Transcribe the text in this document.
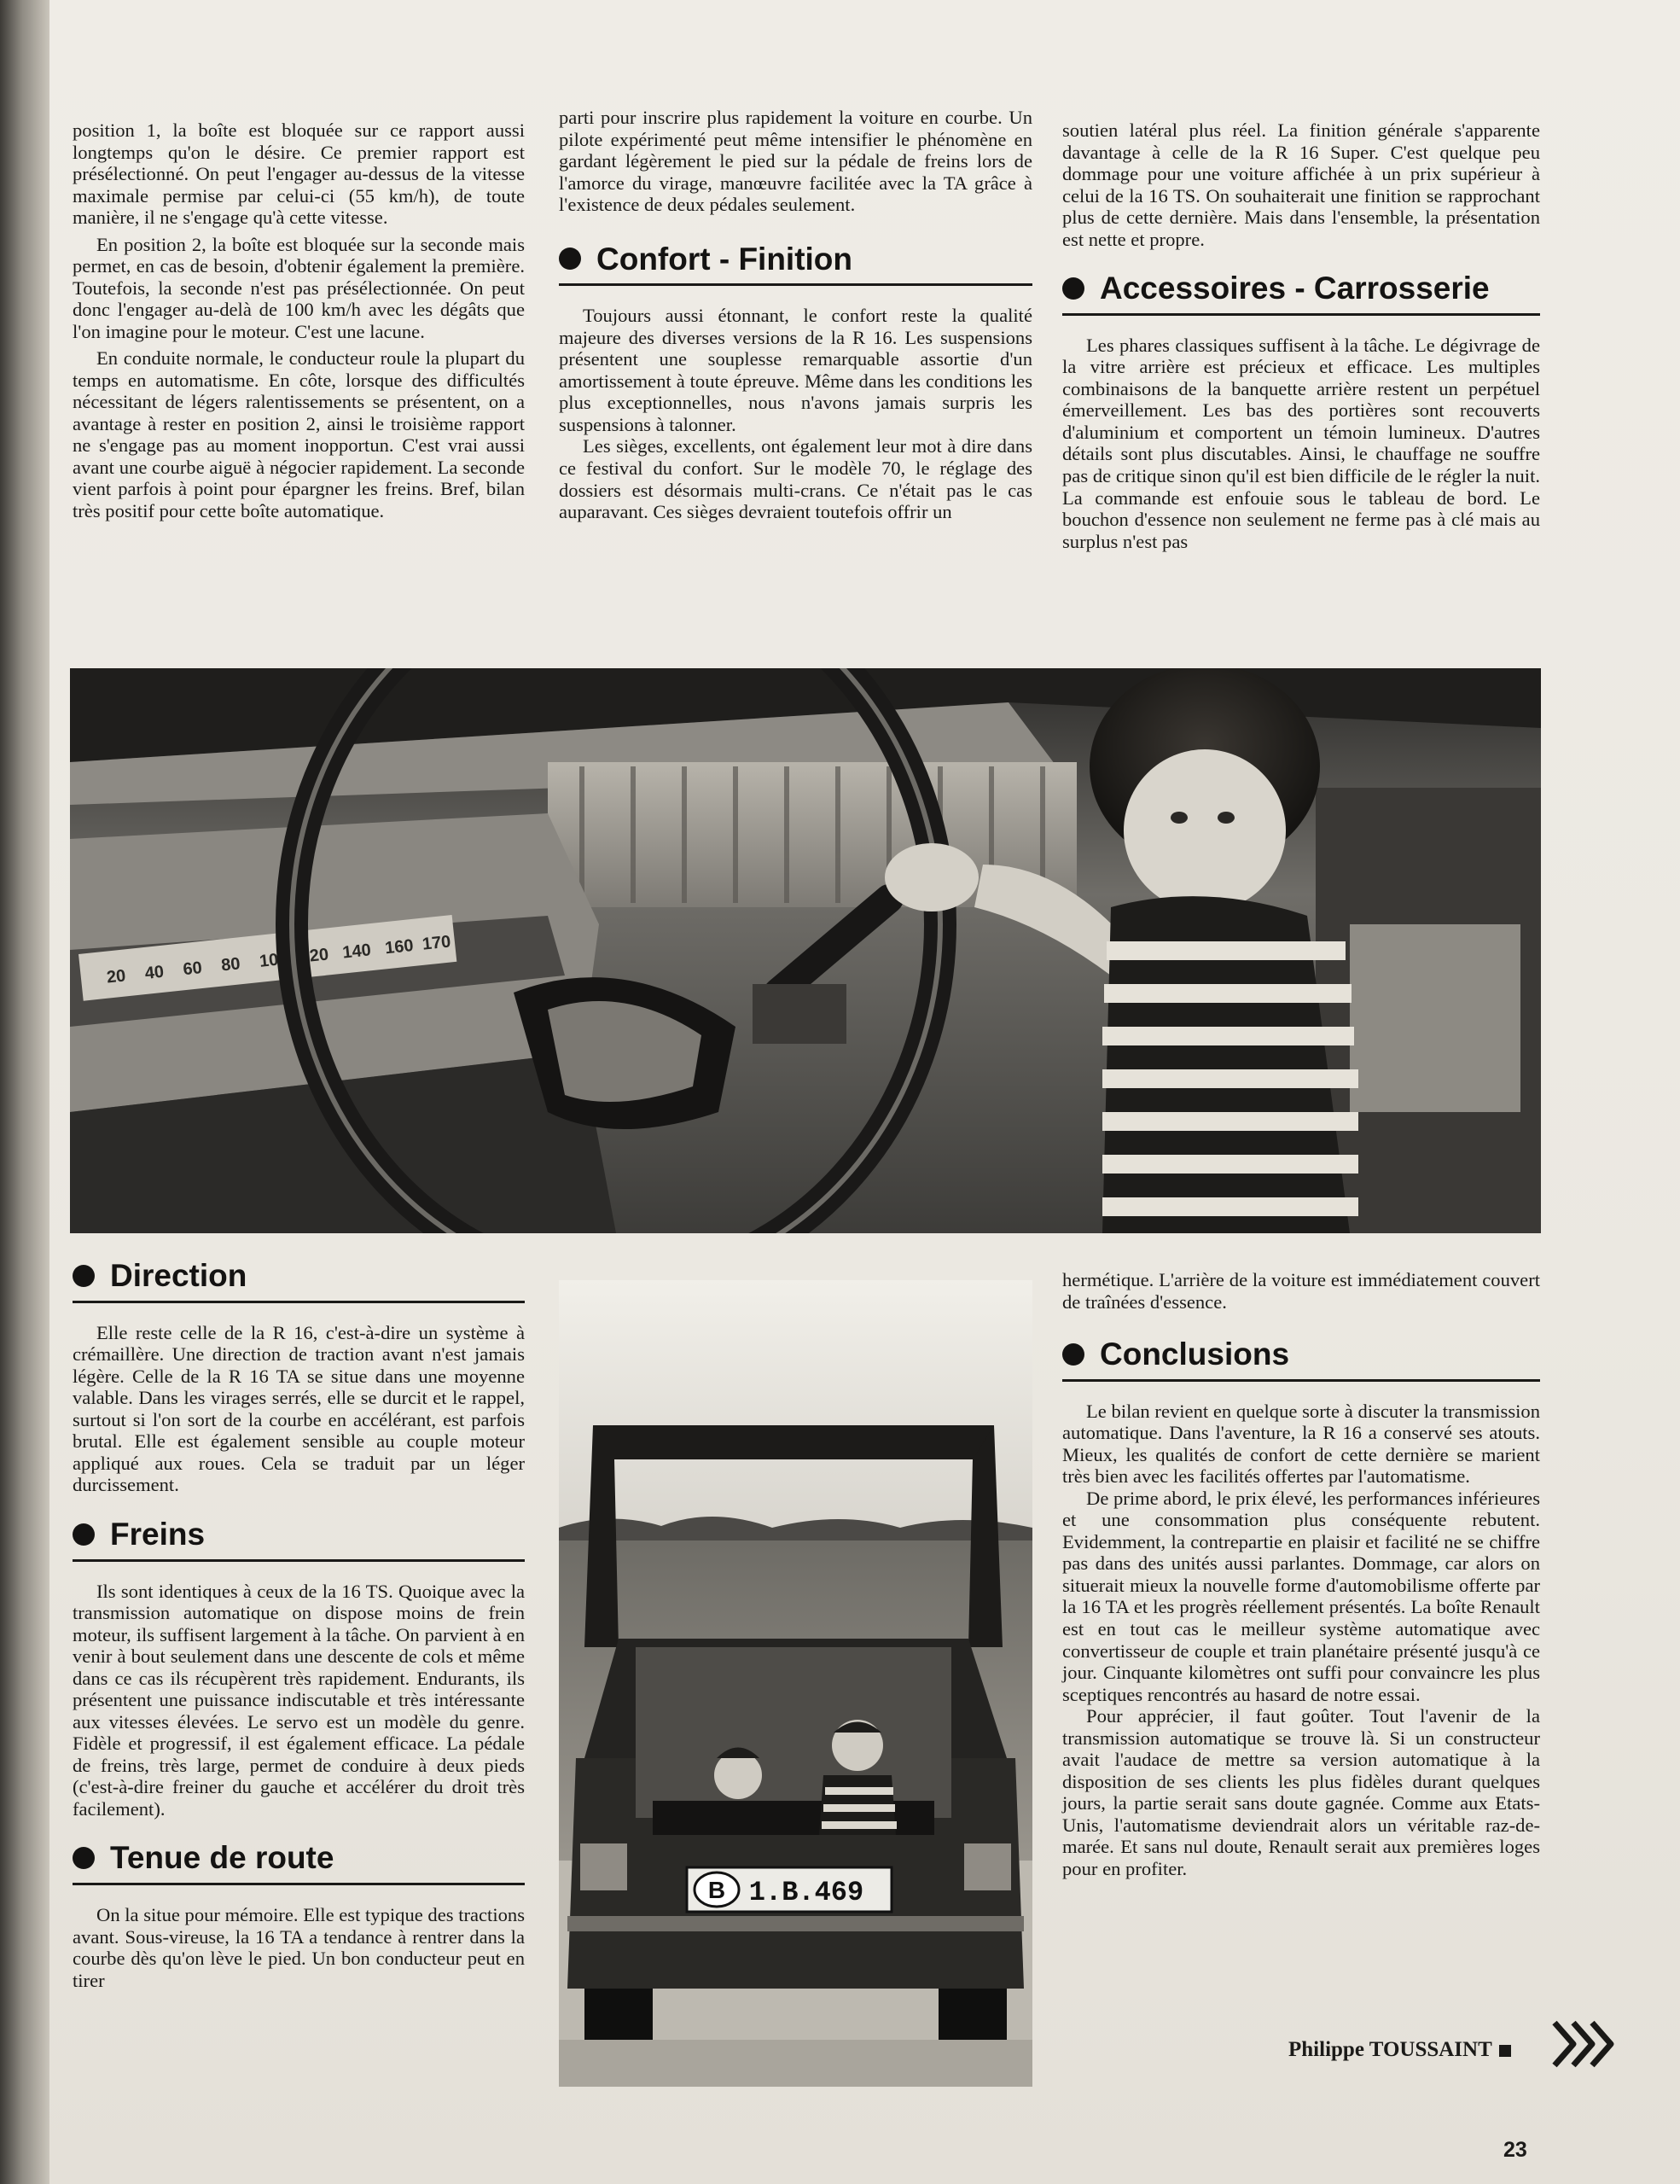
position 1, la boîte est bloquée sur ce rapport aussi longtemps qu'on le désire. Ce premier rapport est présélectionné. On peut l'engager au-dessus de la vitesse maximale permise par celui-ci (55 km/h), de toute manière, il ne s'engage qu'à cette vitesse.

En position 2, la boîte est bloquée sur la seconde mais permet, en cas de besoin, d'obtenir également la première. Toutefois, la seconde n'est pas présélectionnée. On peut donc l'engager au-delà de 100 km/h avec les dégâts que l'on imagine pour le moteur. C'est une lacune.

En conduite normale, le conducteur roule la plupart du temps en automatisme. En côte, lorsque des difficultés nécessitant de légers ralentissements se présentent, on a avantage à rester en position 2, ainsi le troisième rapport ne s'engage pas au moment inopportun. C'est vrai aussi avant une courbe aiguë à négocier rapidement. La seconde vient parfois à point pour épargner les freins. Bref, bilan très positif pour cette boîte automatique.

parti pour inscrire plus rapidement la voiture en courbe. Un pilote expérimenté peut même intensifier le phénomène en gardant légèrement le pied sur la pédale de freins lors de l'amorce du virage, manœuvre facilitée avec la TA grâce à l'existence de deux pédales seulement.

Confort - Finition

Toujours aussi étonnant, le confort reste la qualité majeure des diverses versions de la R 16. Les suspensions présentent une souplesse remarquable assortie d'un amortissement à toute épreuve. Même dans les conditions les plus exceptionnelles, nous n'avons jamais surpris les suspensions à talonner.

Les sièges, excellents, ont également leur mot à dire dans ce festival du confort. Sur le modèle 70, le réglage des dossiers est désormais multi-crans. Ce n'était pas le cas auparavant. Ces sièges devraient toutefois offrir un

soutien latéral plus réel. La finition générale s'apparente davantage à celle de la R 16 Super. C'est quelque peu dommage pour une voiture affichée à un prix supérieur à celui de la 16 TS. On souhaiterait une finition se rapprochant plus de cette dernière. Mais dans l'ensemble, la présentation est nette et propre.

Accessoires - Carrosserie

Les phares classiques suffisent à la tâche. Le dégivrage de la vitre arrière est précieux et efficace. Les multiples combinaisons de la banquette arrière restent un perpétuel émerveillement. Les bas des portières sont recouverts d'aluminium et comportent un témoin lumineux. D'autres détails sont plus discutables. Ainsi, le chauffage ne souffre pas de critique sinon qu'il est bien difficile de le régler la nuit. La commande est enfouie sous le tableau de bord. Le bouchon d'essence non seulement ne ferme pas à clé mais au surplus n'est pas

20 40 60 80 100 120 140 160 170
Direction

Elle reste celle de la R 16, c'est-à-dire un système à crémaillère. Une direction de traction avant n'est jamais légère. Celle de la R 16 TA se situe dans une moyenne valable. Dans les virages serrés, elle se durcit et le rappel, surtout si l'on sort de la courbe en accélérant, est parfois brutal. Elle est également sensible au couple moteur appliqué aux roues. Cela se traduit par un léger durcissement.

Freins

Ils sont identiques à ceux de la 16 TS. Quoique avec la transmission automatique on dispose moins de frein moteur, ils suffisent largement à la tâche. On parvient à en venir à bout seulement dans une descente de cols et même dans ce cas ils récupèrent très rapidement. Endurants, ils présentent une puissance indiscutable et très intéressante aux vitesses élevées. Le servo est un modèle du genre. Fidèle et progressif, il est également efficace. La pédale de freins, très large, permet de conduire à deux pieds (c'est-à-dire freiner du gauche et accélérer du droit très facilement).

Tenue de route

On la situe pour mémoire. Elle est typique des tractions avant. Sous-vireuse, la 16 TA a tendance à rentrer dans la courbe dès qu'on lève le pied. Un bon conducteur peut en tirer

B 1.B.469

hermétique. L'arrière de la voiture est immédiatement couvert de traînées d'essence.

Conclusions

Le bilan revient en quelque sorte à discuter la transmission automatique. Dans l'aventure, la R 16 a conservé ses atouts. Mieux, les qualités de confort de cette dernière se marient très bien avec les facilités offertes par l'automatisme.

De prime abord, le prix élevé, les performances inférieures et une consommation plus conséquente rebutent. Evidemment, la contrepartie en plaisir et facilité ne se chiffre pas dans des unités aussi parlantes. Dommage, car alors on situerait mieux la nouvelle forme d'automobilisme offerte par la 16 TA et les progrès réellement présentés. La boîte Renault est en tout cas le meilleur système automatique avec convertisseur de couple et train planétaire présenté jusqu'à ce jour. Cinquante kilomètres ont suffi pour convaincre les plus sceptiques rencontrés au hasard de notre essai.

Pour apprécier, il faut goûter. Tout l'avenir de la transmission automatique se trouve là. Si un constructeur avait l'audace de mettre sa version automatique à la disposition de ses clients les plus fidèles durant quelques jours, la partie serait sans doute gagnée. Comme aux Etats-Unis, l'automatisme deviendrait alors un véritable raz-de-marée. Et sans nul doute, Renault serait aux premières loges pour en profiter.

Philippe TOUSSAINT
23
